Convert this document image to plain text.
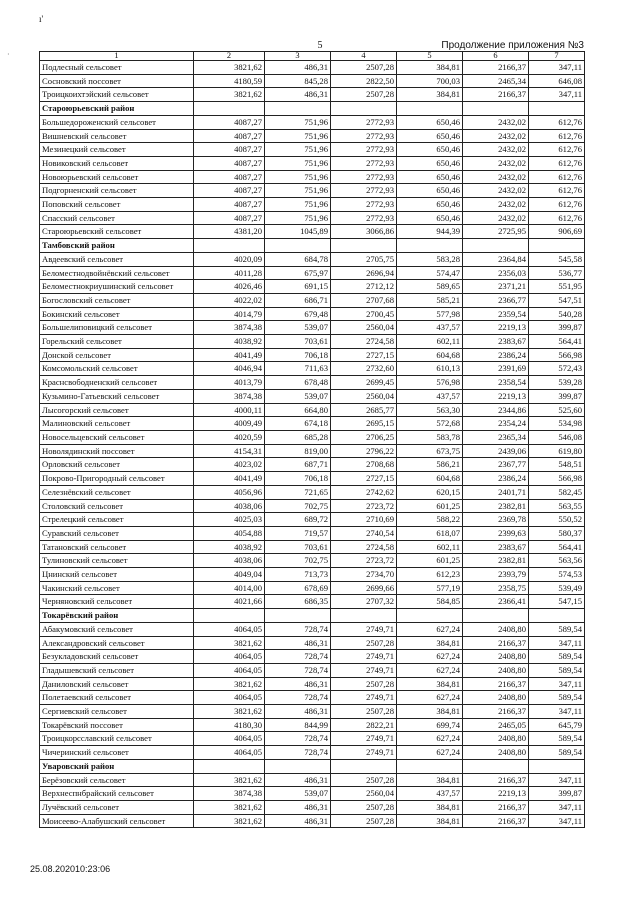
ı'
·
5	Продолжение приложения №3
1	2	3	4	5	6	7
Подлесный сельсовет	3821,62	486,31	2507,28	384,81	2166,37	347,11
Сосновский поссовет	4180,59	845,28	2822,50	700,03	2465,34	646,08
Троицкоихтэйский сельсовет	3821,62	486,31	2507,28	384,81	2166,37	347,11
Староюрьевский район						
Большедороженский сельсовет	4087,27	751,96	2772,93	650,46	2432,02	612,76
Вишневский сельсовет	4087,27	751,96	2772,93	650,46	2432,02	612,76
Мезинецкий сельсовет	4087,27	751,96	2772,93	650,46	2432,02	612,76
Новиковский сельсовет	4087,27	751,96	2772,93	650,46	2432,02	612,76
Новоюрьевский сельсовет	4087,27	751,96	2772,93	650,46	2432,02	612,76
Подгорненский сельсовет	4087,27	751,96	2772,93	650,46	2432,02	612,76
Поповский сельсовет	4087,27	751,96	2772,93	650,46	2432,02	612,76
Спасский сельсовет	4087,27	751,96	2772,93	650,46	2432,02	612,76
Староюрьевский сельсовет	4381,20	1045,89	3066,86	944,39	2725,95	906,69
Тамбовский район						
Авдеевский сельсовет	4020,09	684,78	2705,75	583,28	2364,84	545,58
Беломестнодвойнёвский сельсовет	4011,28	675,97	2696,94	574,47	2356,03	536,77
Беломестнокриушинский сельсовет	4026,46	691,15	2712,12	589,65	2371,21	551,95
Богословский сельсовет	4022,02	686,71	2707,68	585,21	2366,77	547,51
Бокинский сельсовет	4014,79	679,48	2700,45	577,98	2359,54	540,28
Большелиповицкий сельсовет	3874,38	539,07	2560,04	437,57	2219,13	399,87
Горельский сельсовет	4038,92	703,61	2724,58	602,11	2383,67	564,41
Донской сельсовет	4041,49	706,18	2727,15	604,68	2386,24	566,98
Комсомольский сельсовет	4046,94	711,63	2732,60	610,13	2391,69	572,43
Краснсвободненский сельсовет	4013,79	678,48	2699,45	576,98	2358,54	539,28
Кузьмино-Гатьевский сельсовет	3874,38	539,07	2560,04	437,57	2219,13	399,87
Лысогорский сельсовет	4000,11	664,80	2685,77	563,30	2344,86	525,60
Малиновский сельсовет	4009,49	674,18	2695,15	572,68	2354,24	534,98
Новосельцевский сельсовет	4020,59	685,28	2706,25	583,78	2365,34	546,08
Новолядинский поссовет	4154,31	819,00	2796,22	673,75	2439,06	619,80
Орловский сельсовет	4023,02	687,71	2708,68	586,21	2367,77	548,51
Покрово-Пригородный сельсовет	4041,49	706,18	2727,15	604,68	2386,24	566,98
Селезнёвский сельсовет	4056,96	721,65	2742,62	620,15	2401,71	582,45
Столовский сельсовет	4038,06	702,75	2723,72	601,25	2382,81	563,55
Стрелецкий сельсовет	4025,03	689,72	2710,69	588,22	2369,78	550,52
Суравский сельсовет	4054,88	719,57	2740,54	618,07	2399,63	580,37
Татановский сельсовет	4038,92	703,61	2724,58	602,11	2383,67	564,41
Тулиновский сельсовет	4038,06	702,75	2723,72	601,25	2382,81	563,56
Цнинский сельсовет	4049,04	713,73	2734,70	612,23	2393,79	574,53
Чакинский сельсовет	4014,00	678,69	2699,66	577,19	2358,75	539,49
Черняновский сельсовет	4021,66	686,35	2707,32	584,85	2366,41	547,15
Токарёвский район						
Абакумовский сельсовет	4064,05	728,74	2749,71	627,24	2408,80	589,54
Александровский сельсовет	3821,62	486,31	2507,28	384,81	2166,37	347,11
Безукладовский сельсовет	4064,05	728,74	2749,71	627,24	2408,80	589,54
Гладышевский сельсовет	4064,05	728,74	2749,71	627,24	2408,80	589,54
Даниловский сельсовет	3821,62	486,31	2507,28	384,81	2166,37	347,11
Полетаевский сельсовет	4064,05	728,74	2749,71	627,24	2408,80	589,54
Сергиевский сельсовет	3821,62	486,31	2507,28	384,81	2166,37	347,11
Токарёвский поссовет	4180,30	844,99	2822,21	699,74	2465,05	645,79
Троицкорсславский сельсовет	4064,05	728,74	2749,71	627,24	2408,80	589,54
Чичеринский сельсовет	4064,05	728,74	2749,71	627,24	2408,80	589,54
Уваровский район						
Берёзовский сельсовет	3821,62	486,31	2507,28	384,81	2166,37	347,11
Верхнеспнбрайский сельсовет	3874,38	539,07	2560,04	437,57	2219,13	399,87
Лучёвский сельсовет	3821,62	486,31	2507,28	384,81	2166,37	347,11
Моисеево-Алабушский сельсовет	3821,62	486,31	2507,28	384,81	2166,37	347,11
25.08.202010:23:06
